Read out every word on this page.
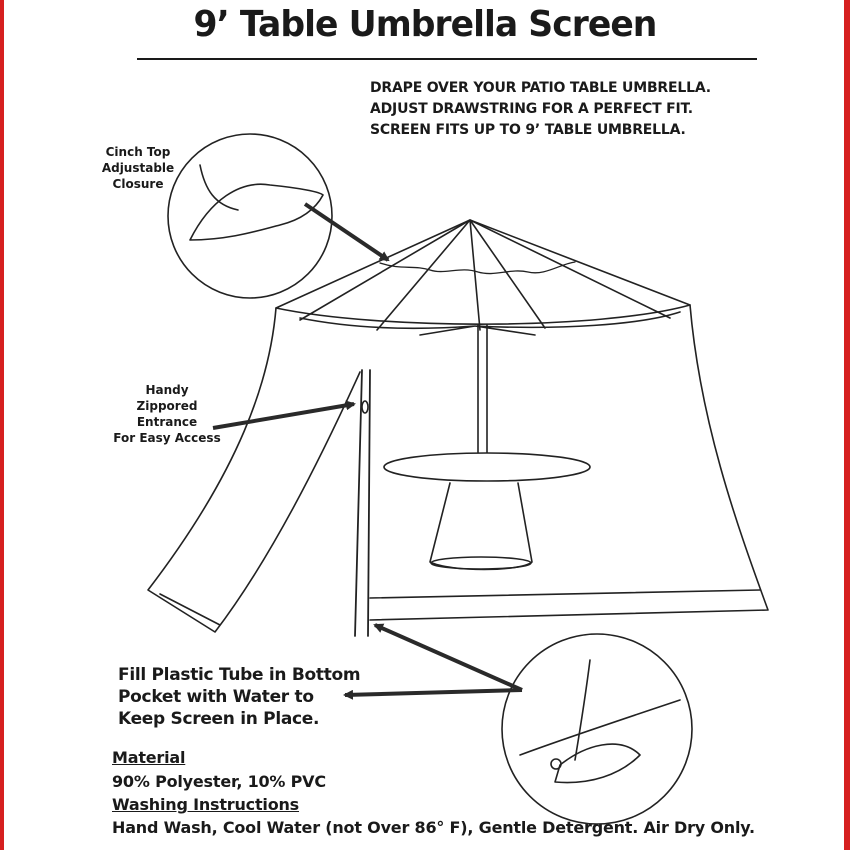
9’ Table Umbrella Screen
DRAPE OVER YOUR PATIO TABLE UMBRELLA.
ADJUST DRAWSTRING FOR A PERFECT FIT.
SCREEN FITS UP TO 9’ TABLE UMBRELLA.
Cinch Top
Adjustable
Closure
Handy
Zippored
Entrance
For Easy Access
Fill Plastic Tube in Bottom
Pocket with Water to
Keep Screen in Place.
Material
90% Polyester, 10% PVC
Washing Instructions
Hand Wash, Cool Water (not Over 86° F), Gentle Detergent. Air Dry Only.
